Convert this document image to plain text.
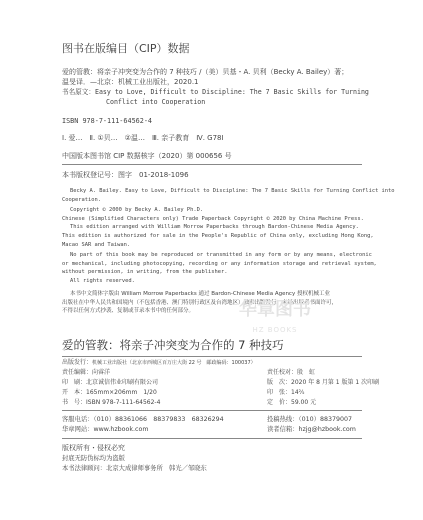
图书在版编目（CIP）数据
爱的管教：将亲子冲突变为合作的 7 种技巧 /（美）贝基・A. 贝利（Becky A. Bailey）著；
温旻译．—北京：机械工业出版社，2020.1
书名原文：Easy to Love, Difficult to Discipline: The 7 Basic Skills for Turning
Conflict into Cooperation
ISBN 978-7-111-64562-4
Ⅰ. 爱…　Ⅱ. ①贝…　②温…　Ⅲ. 亲子教育　Ⅳ. G78Ⅰ
中国版本图书馆 CIP 数据核字（2020）第 000656 号
本书版权登记号：图字　01-2018-1096
Becky A. Bailey. Easy to Love, Difficult to Discipline: The 7 Basic Skills for Turning Conflict into
Cooperation.
Copyright © 2000 by Becky A. Bailey Ph.D.
Chinese (Simplified Characters only) Trade Paperback Copyright © 2020 by China Machine Press.
This edition arranged with William Morrow Paperbacks through Bardon-Chinese Media Agency.
This edition is authorized for sale in the People's Republic of China only, excluding Hong Kong,
Macao SAR and Taiwan.
No part of this book may be reproduced or transmitted in any form or by any means, electronic
or mechanical, including photocopying, recording or any information storage and retrieval system,
without permission, in writing, from the publisher.
All rights reserved.
本书中文简体字版由 William Morrow Paperbacks 通过 Bardon-Chinese Media Agency 授权机械工业
出版社在中华人民共和国境内（不包括香港、澳门特别行政区及台湾地区）独家出版发行。未经出版者书面许可，
不得以任何方式抄袭、复制或节录本书中的任何部分。	华章图书
HZ BOOKS
爱的管教：将亲子冲突变为合作的 7 种技巧
出版发行：机械工业出版社（北京市西城区百万庄大街 22 号　邮政编码：100037）
责任编辑：向睿洋	责任校对：殷　虹
印　刷：北京诚信伟业印刷有限公司	版　次：2020 年 8 月第 1 版第 1 次印刷
开　本：165mm×206mm　1/20	印　张：14⅖
书　号：ISBN 978-7-111-64562-4	定　价：59.00 元
客服电话：（010）88361066　88379833　68326294	投稿热线：（010）88379007
华章网站：www.hzbook.com	读者信箱：hzjg@hzbook.com
版权所有・侵权必究
封底无防伪标均为盗版
本书法律顾问：北京大成律师事务所　韩光／邹晓东
